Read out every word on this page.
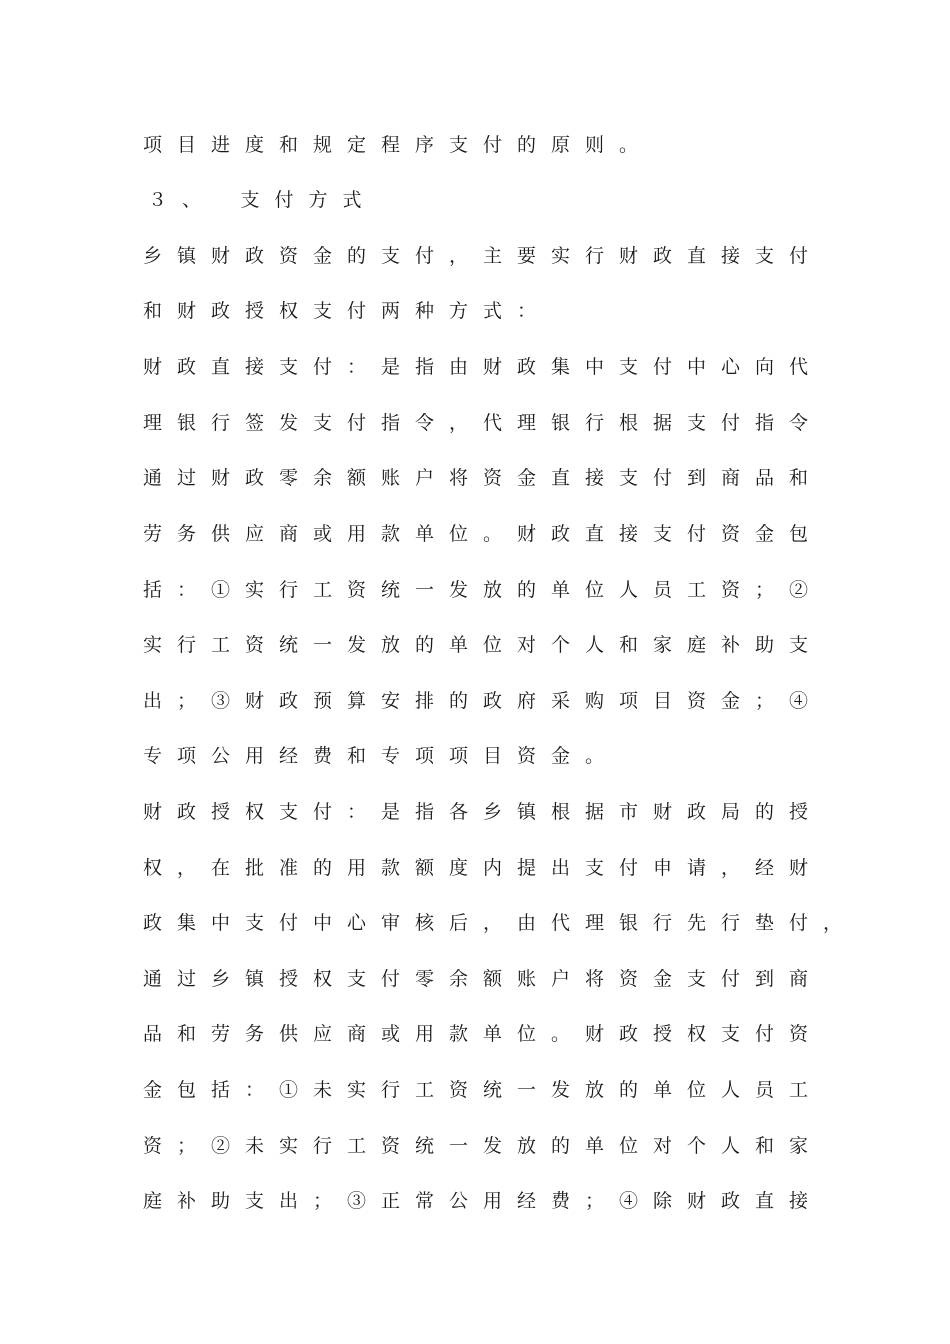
项目进度和规定程序支付的原则。
３、　支付方式
乡镇财政资金的支付，主要实行财政直接支付
和财政授权支付两种方式：
财政直接支付：是指由财政集中支付中心向代
理银行签发支付指令，代理银行根据支付指令
通过财政零余额账户将资金直接支付到商品和
劳务供应商或用款单位。财政直接支付资金包
括：①实行工资统一发放的单位人员工资；②
实行工资统一发放的单位对个人和家庭补助支
出；③财政预算安排的政府采购项目资金；④
专项公用经费和专项项目资金。
财政授权支付：是指各乡镇根据市财政局的授
权，在批准的用款额度内提出支付申请，经财
政集中支付中心审核后，由代理银行先行垫付，
通过乡镇授权支付零余额账户将资金支付到商
品和劳务供应商或用款单位。财政授权支付资
金包括：①未实行工资统一发放的单位人员工
资；②未实行工资统一发放的单位对个人和家
庭补助支出；③正常公用经费；④除财政直接
